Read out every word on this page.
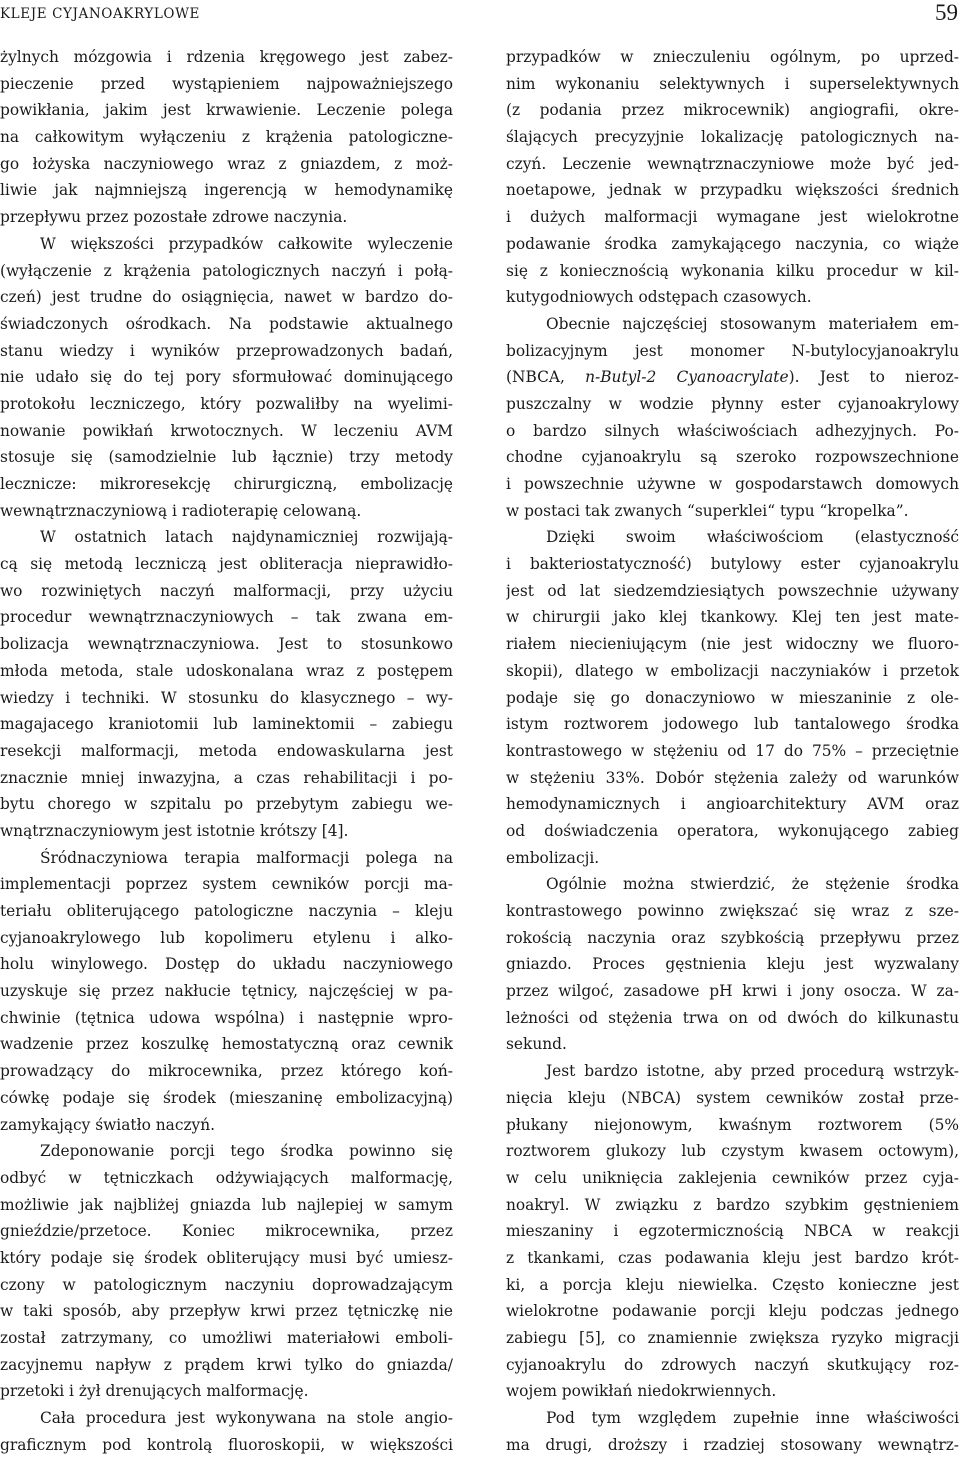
KLEJE CYJANOAKRYLOWE	59
żylnych mózgowia i rdzenia kręgowego jest zabez-
pieczenie przed wystąpieniem najpoważniejszego
powikłania, jakim jest krwawienie. Leczenie polega
na całkowitym wyłączeniu z krążenia patologiczne-
go łożyska naczyniowego wraz z gniazdem, z moż-
liwie jak najmniejszą ingerencją w hemodynamikę
przepływu przez pozostałe zdrowe naczynia.
W większości przypadków całkowite wyleczenie
(wyłączenie z krążenia patologicznych naczyń i połą-
czeń) jest trudne do osiągnięcia, nawet w bardzo do-
świadczonych ośrodkach. Na podstawie aktualnego
stanu wiedzy i wyników przeprowadzonych badań,
nie udało się do tej pory sformułować dominującego
protokołu leczniczego, który pozwaliłby na wyelimi-
nowanie powikłań krwotocznych. W leczeniu AVM
stosuje się (samodzielnie lub łącznie) trzy metody
lecznicze: mikroresekcję chirurgiczną, embolizację
wewnątrznaczyniową i radioterapię celowaną.
W ostatnich latach najdynamiczniej rozwijają-
cą się metodą leczniczą jest obliteracja nieprawidło-
wo rozwiniętych naczyń malformacji, przy użyciu
procedur wewnątrznaczyniowych – tak zwana em-
bolizacja wewnątrznaczyniowa. Jest to stosunkowo
młoda metoda, stale udoskonalana wraz z postępem
wiedzy i techniki. W stosunku do klasycznego – wy-
magajacego kraniotomii lub laminektomii – zabiegu
resekcji malformacji, metoda endowaskularna jest
znacznie mniej inwazyjna, a czas rehabilitacji i po-
bytu chorego w szpitalu po przebytym zabiegu we-
wnątrznaczyniowym jest istotnie krótszy [4].
Śródnaczyniowa terapia malformacji polega na
implementacji poprzez system cewników porcji ma-
teriału obliterującego patologiczne naczynia – kleju
cyjanoakrylowego lub kopolimeru etylenu i alko-
holu winylowego. Dostęp do układu naczyniowego
uzyskuje się przez nakłucie tętnicy, najczęściej w pa-
chwinie (tętnica udowa wspólna) i następnie wpro-
wadzenie przez koszulkę hemostatyczną oraz cewnik
prowadzący do mikrocewnika, przez którego koń-
cówkę podaje się środek (mieszaninę embolizacyjną)
zamykający światło naczyń.
Zdeponowanie porcji tego środka powinno się
odbyć w tętniczkach odżywiających malformację,
możliwie jak najbliżej gniazda lub najlepiej w samym
gnieździe/przetoce. Koniec mikrocewnika, przez
który podaje się środek obliterujący musi być umiesz-
czony w patologicznym naczyniu doprowadzającym
w taki sposób, aby przepływ krwi przez tętniczkę nie
został zatrzymany, co umożliwi materiałowi emboli-
zacyjnemu napływ z prądem krwi tylko do gniazda/
przetoki i żył drenujących malformację.
Cała procedura jest wykonywana na stole angio-
graficznym pod kontrolą fluoroskopii, w większości
przypadków w znieczuleniu ogólnym, po uprzed-
nim wykonaniu selektywnych i superselektywnych
(z podania przez mikrocewnik) angiografii, okre-
ślających precyzyjnie lokalizację patologicznych na-
czyń. Leczenie wewnątrznaczyniowe może być jed-
noetapowe, jednak w przypadku większości średnich
i dużych malformacji wymagane jest wielokrotne
podawanie środka zamykającego naczynia, co wiąże
się z koniecznością wykonania kilku procedur w kil-
kutygodniowych odstępach czasowych.
Obecnie najczęściej stosowanym materiałem em-
bolizacyjnym jest monomer N-butylocyjanoakrylu
(NBCA, n-Butyl-2 Cyanoacrylate). Jest to nieroz-
puszczalny w wodzie płynny ester cyjanoakrylowy
o bardzo silnych właściwościach adhezyjnych. Po-
chodne cyjanoakrylu są szeroko rozpowszechnione
i powszechnie używne w gospodarstawch domowych
w postaci tak zwanych “superklei“ typu “kropelka”.
Dzięki swoim właściwościom (elastyczność
i bakteriostatyczność) butylowy ester cyjanoakrylu
jest od lat siedzemdziesiątych powszechnie używany
w chirurgii jako klej tkankowy. Klej ten jest mate-
riałem niecieniującym (nie jest widoczny we fluoro-
skopii), dlatego w embolizacji naczyniaków i przetok
podaje się go donaczyniowo w mieszaninie z ole-
istym roztworem jodowego lub tantalowego środka
kontrastowego w stężeniu od 17 do 75% – przeciętnie
w stężeniu 33%. Dobór stężenia zależy od warunków
hemodynamicznych i angioarchitektury AVM oraz
od doświadczenia operatora, wykonującego zabieg
embolizacji.
Ogólnie można stwierdzić, że stężenie środka
kontrastowego powinno zwiększać się wraz z sze-
rokością naczynia oraz szybkością przepływu przez
gniazdo. Proces gęstnienia kleju jest wyzwalany
przez wilgoć, zasadowe pH krwi i jony osocza. W za-
leżności od stężenia trwa on od dwóch do kilkunastu
sekund.
Jest bardzo istotne, aby przed procedurą wstrzyk-
nięcia kleju (NBCA) system cewników został prze-
płukany niejonowym, kwaśnym roztworem (5%
roztworem glukozy lub czystym kwasem octowym),
w celu uniknięcia zaklejenia cewników przez cyja-
noakryl. W związku z bardzo szybkim gęstnieniem
mieszaniny i egzotermicznością NBCA w reakcji
z tkankami, czas podawania kleju jest bardzo krót-
ki, a porcja kleju niewielka. Często konieczne jest
wielokrotne podawanie porcji kleju podczas jednego
zabiegu [5], co znamiennie zwiększa ryzyko migracji
cyjanoakrylu do zdrowych naczyń skutkujący roz-
wojem powikłań niedokrwiennych.
Pod tym względem zupełnie inne właściwości
ma drugi, droższy i rzadziej stosowany wewnątrz-
